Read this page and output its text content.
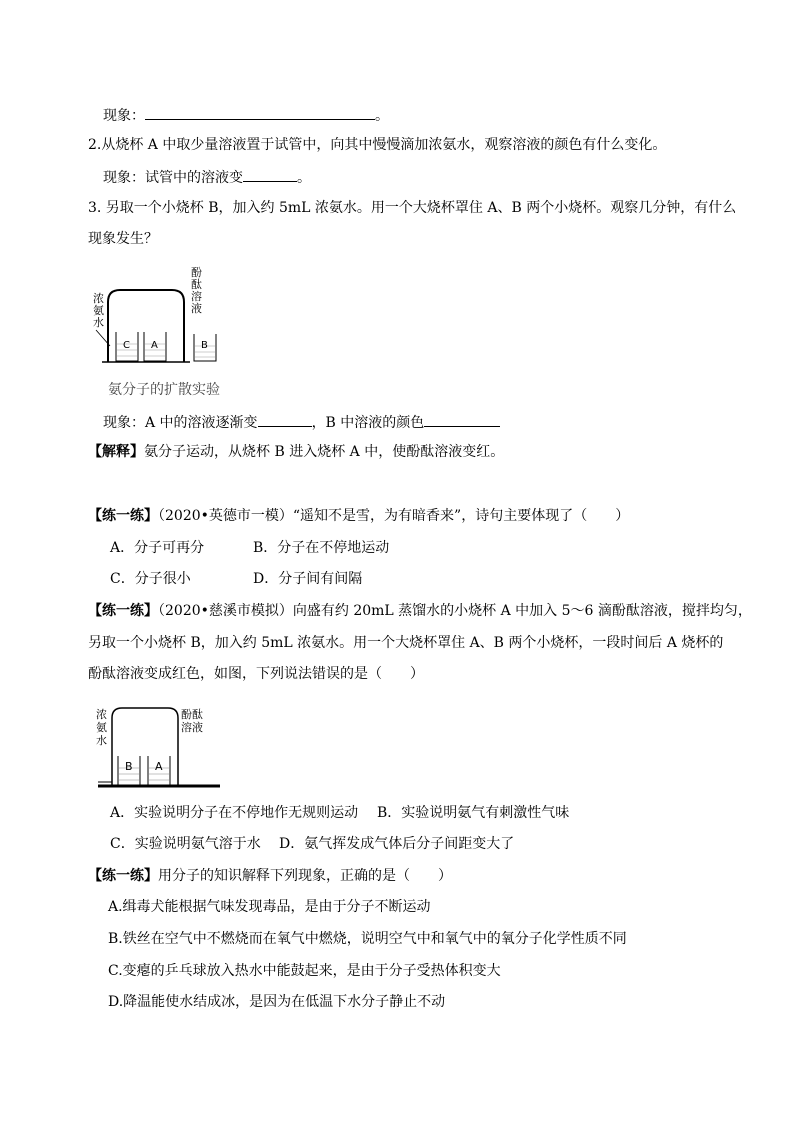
现象：	。
2.从烧杯 A 中取少量溶液置于试管中，向其中慢慢滴加浓氨水，观察溶液的颜色有什么变化。
现象：试管中的溶液变	。
3. 另取一个小烧杯 B，加入约 5mL 浓氨水。用一个大烧杯罩住 A、B 两个小烧杯。观察几分钟，有什么
现象发生？
浓
氨
水
酚
酞
溶
液
C A	B
氨分子的扩散实验
现象：A 中的溶液逐渐变	，B 中溶液的颜色
【解释】氨分子运动，从烧杯 B 进入烧杯 A 中，使酚酞溶液变红。
【练一练】（2020•英德市一模）“遥知不是雪，为有暗香来”，诗句主要体现了（　　）
A．分子可再分	B．分子在不停地运动
C．分子很小	D．分子间有间隔
【练一练】（2020•慈溪市模拟）向盛有约 20mL 蒸馏水的小烧杯 A 中加入 5～6 滴酚酞溶液，搅拌均匀，
另取一个小烧杯 B，加入约 5mL 浓氨水。用一个大烧杯罩住 A、B 两个小烧杯，一段时间后 A 烧杯的
酚酞溶液变成红色，如图，下列说法错误的是（　　）
浓
氨
水
酚酞
溶液
B A
A．实验说明分子在不停地作无规则运动 B．实验说明氨气有刺激性气味
C．实验说明氨气溶于水 D．氨气挥发成气体后分子间距变大了
【练一练】用分子的知识解释下列现象，正确的是（　　）
A.缉毒犬能根据气味发现毒品，是由于分子不断运动
B.铁丝在空气中不燃烧而在氧气中燃烧，说明空气中和氧气中的氧分子化学性质不同
C.变瘪的乒乓球放入热水中能鼓起来，是由于分子受热体积变大
D.降温能使水结成冰，是因为在低温下水分子静止不动
